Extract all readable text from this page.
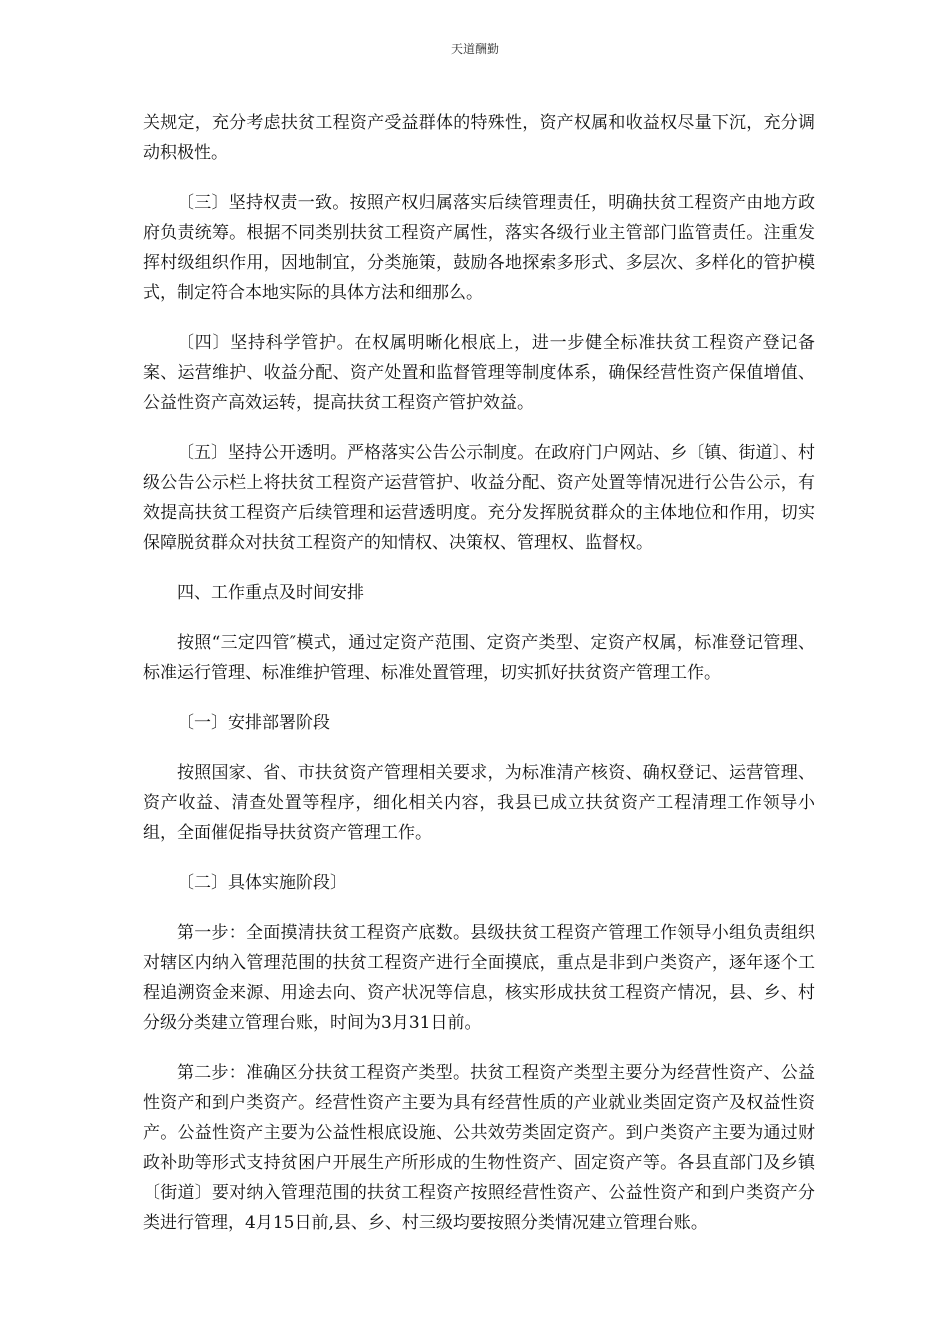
天道酬勤

关规定，充分考虑扶贫工程资产受益群体的特殊性，资产权属和收益权尽量下沉，充分调动积极性。

〔三〕坚持权责一致。按照产权归属落实后续管理责任，明确扶贫工程资产由地方政府负责统筹。根据不同类别扶贫工程资产属性，落实各级行业主管部门监管责任。注重发挥村级组织作用，因地制宜，分类施策，鼓励各地探索多形式、多层次、多样化的管护模式，制定符合本地实际的具体方法和细那么。

〔四〕坚持科学管护。在权属明晰化根底上，进一步健全标准扶贫工程资产登记备案、运营维护、收益分配、资产处置和监督管理等制度体系，确保经营性资产保值增值、公益性资产高效运转，提高扶贫工程资产管护效益。

〔五〕坚持公开透明。严格落实公告公示制度。在政府门户网站、乡〔镇、街道〕、村级公告公示栏上将扶贫工程资产运营管护、收益分配、资产处置等情况进行公告公示，有效提高扶贫工程资产后续管理和运营透明度。充分发挥脱贫群众的主体地位和作用，切实保障脱贫群众对扶贫工程资产的知情权、决策权、管理权、监督权。

四、工作重点及时间安排

按照“三定四管″模式，通过定资产范围、定资产类型、定资产权属，标准登记管理、标准运行管理、标准维护管理、标准处置管理，切实抓好扶贫资产管理工作。

〔一〕安排部署阶段

按照国家、省、市扶贫资产管理相关要求，为标准清产核资、确权登记、运营管理、资产收益、清查处置等程序，细化相关内容，我县已成立扶贫资产工程清理工作领导小组，全面催促指导扶贫资产管理工作。

〔二〕具体实施阶段〕

第一步：全面摸清扶贫工程资产底数。县级扶贫工程资产管理工作领导小组负责组织对辖区内纳入管理范围的扶贫工程资产进行全面摸底，重点是非到户类资产，逐年逐个工程追溯资金来源、用途去向、资产状况等信息，核实形成扶贫工程资产情况，县、乡、村分级分类建立管理台账，时间为3月31日前。

第二步：准确区分扶贫工程资产类型。扶贫工程资产类型主要分为经营性资产、公益性资产和到户类资产。经营性资产主要为具有经营性质的产业就业类固定资产及权益性资产。公益性资产主要为公益性根底设施、公共效劳类固定资产。到户类资产主要为通过财政补助等形式支持贫困户开展生产所形成的生物性资产、固定资产等。各县直部门及乡镇〔街道〕要对纳入管理范围的扶贫工程资产按照经营性资产、公益性资产和到户类资产分类进行管理，4月15日前,县、乡、村三级均要按照分类情况建立管理台账。
